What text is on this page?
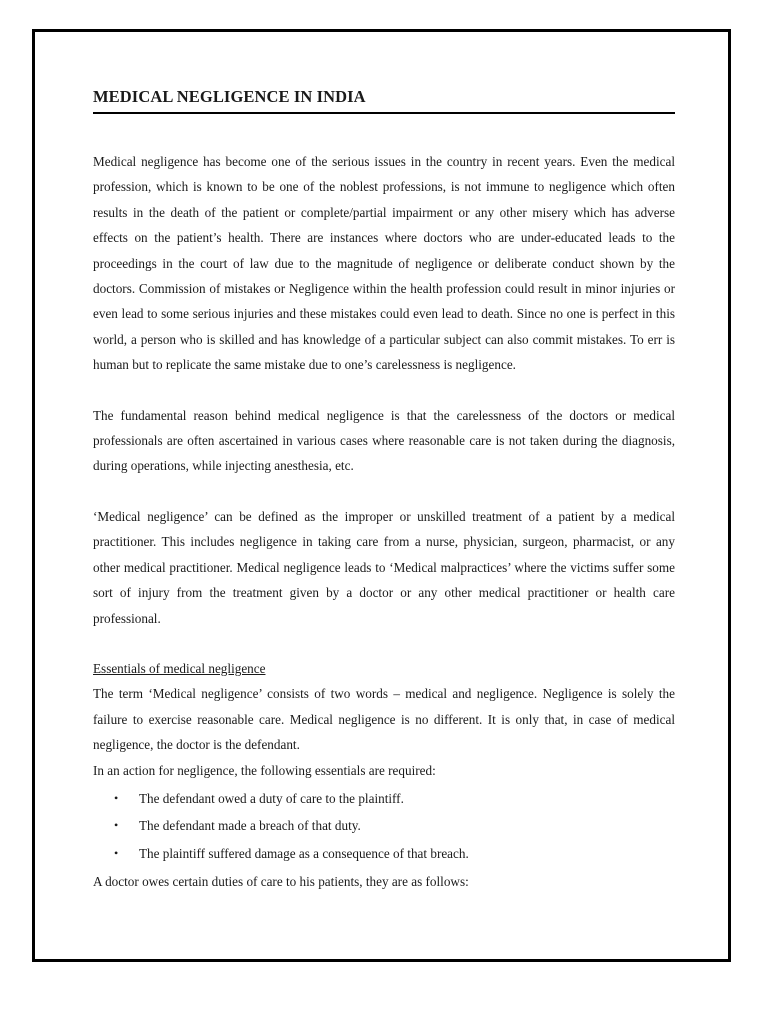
MEDICAL NEGLIGENCE IN INDIA

Medical negligence has become one of the serious issues in the country in recent years. Even the medical profession, which is known to be one of the noblest professions, is not immune to negligence which often results in the death of the patient or complete/partial impairment or any other misery which has adverse effects on the patient’s health. There are instances where doctors who are under-educated leads to the proceedings in the court of law due to the magnitude of negligence or deliberate conduct shown by the doctors. Commission of mistakes or Negligence within the health profession could result in minor injuries or even lead to some serious injuries and these mistakes could even lead to death. Since no one is perfect in this world, a person who is skilled and has knowledge of a particular subject can also commit mistakes. To err is human but to replicate the same mistake due to one’s carelessness is negligence.

The fundamental reason behind medical negligence is that the carelessness of the doctors or medical professionals are often ascertained in various cases where reasonable care is not taken during the diagnosis, during operations, while injecting anesthesia, etc.

‘Medical negligence’ can be defined as the improper or unskilled treatment of a patient by a medical practitioner. This includes negligence in taking care from a nurse, physician, surgeon, pharmacist, or any other medical practitioner. Medical negligence leads to ‘Medical malpractices’ where the victims suffer some sort of injury from the treatment given by a doctor or any other medical practitioner or health care professional.

Essentials of medical negligence

The term ‘Medical negligence’ consists of two words – medical and negligence. Negligence is solely the failure to exercise reasonable care. Medical negligence is no different. It is only that, in case of medical negligence, the doctor is the defendant.

In an action for negligence, the following essentials are required:

• The defendant owed a duty of care to the plaintiff.
• The defendant made a breach of that duty.
• The plaintiff suffered damage as a consequence of that breach.

A doctor owes certain duties of care to his patients, they are as follows:
